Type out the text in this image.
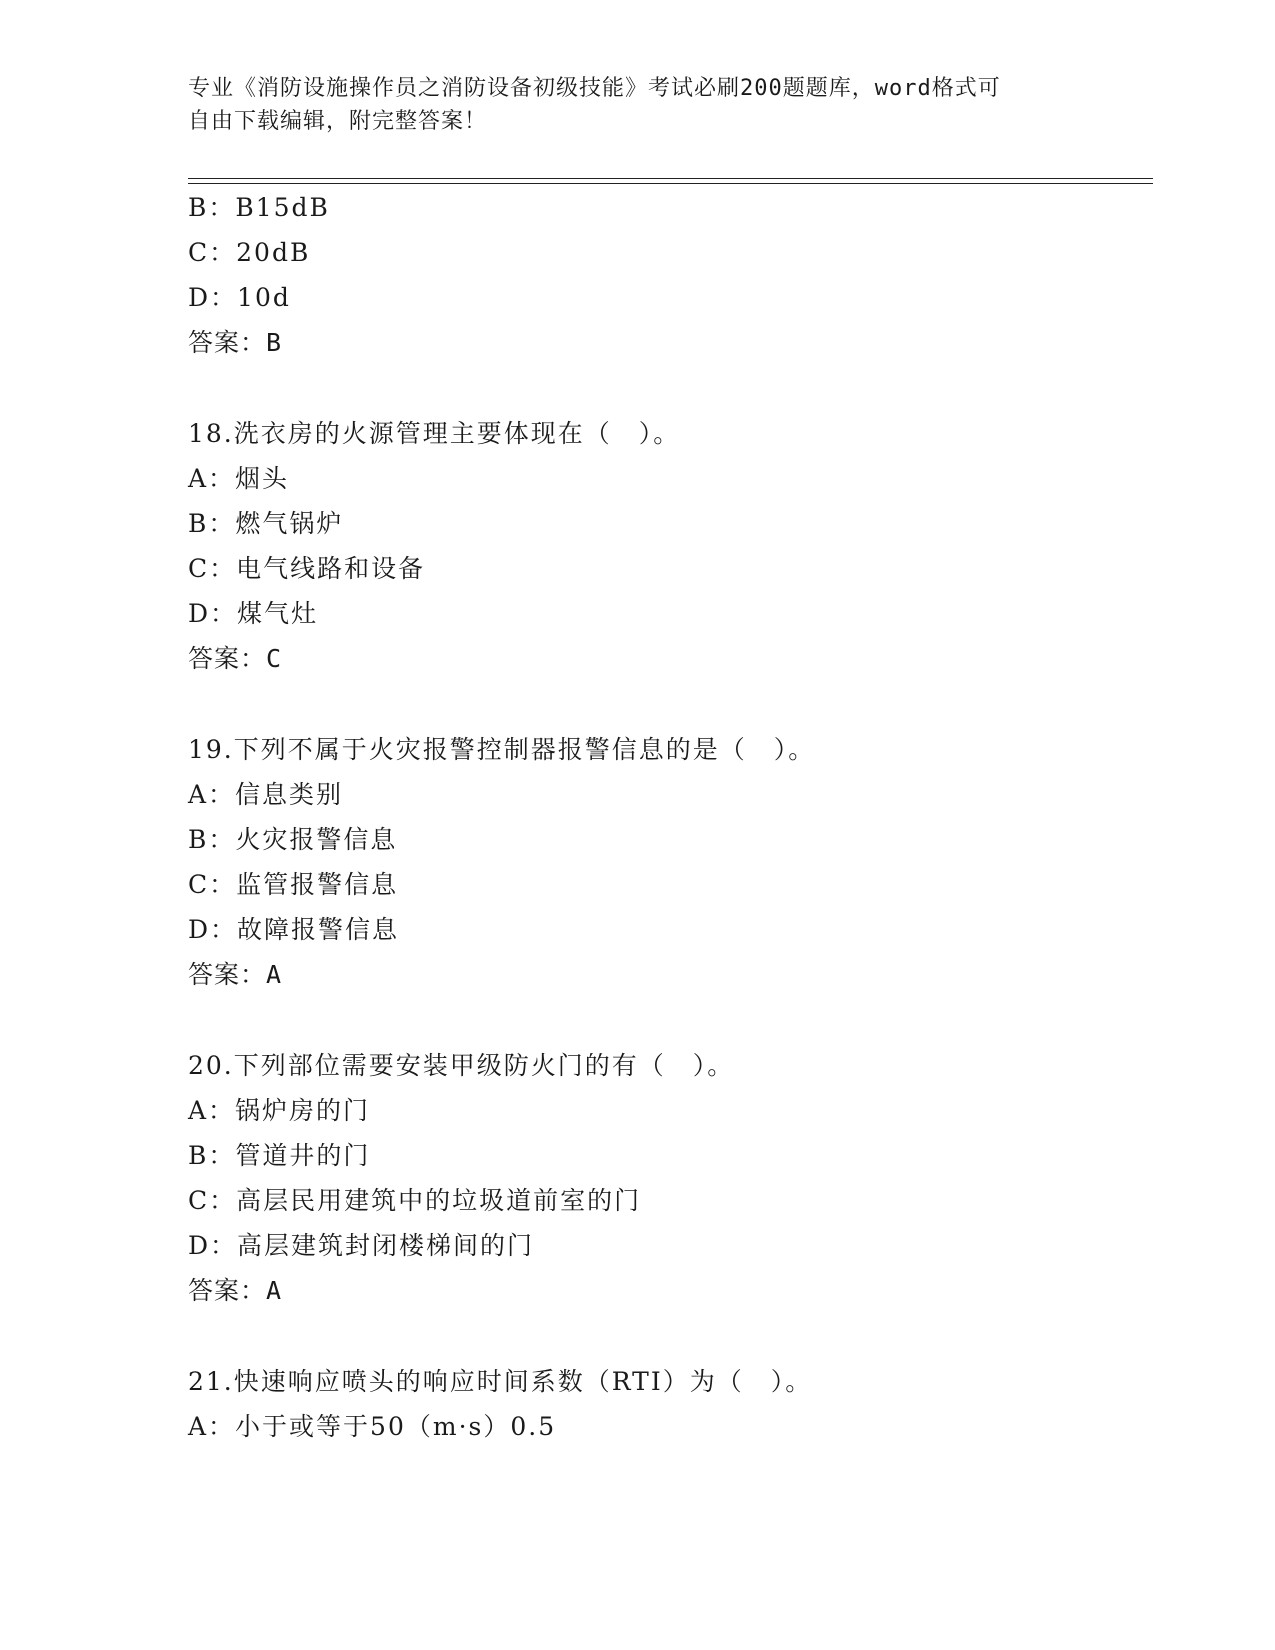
专业《消防设施操作员之消防设备初级技能》考试必刷200题题库，word格式可
自由下载编辑，附完整答案！
B：B15dB
C：20dB
D：10d
答案：B
18.洗衣房的火源管理主要体现在（　）。
A：烟头
B：燃气锅炉
C：电气线路和设备
D：煤气灶
答案：C
19.下列不属于火灾报警控制器报警信息的是（　）。
A：信息类别
B：火灾报警信息
C：监管报警信息
D：故障报警信息
答案：A
20.下列部位需要安装甲级防火门的有（　）。
A：锅炉房的门
B：管道井的门
C：高层民用建筑中的垃圾道前室的门
D：高层建筑封闭楼梯间的门
答案：A
21.快速响应喷头的响应时间系数（RTI）为（　）。
A：小于或等于50（m·s）0.5
